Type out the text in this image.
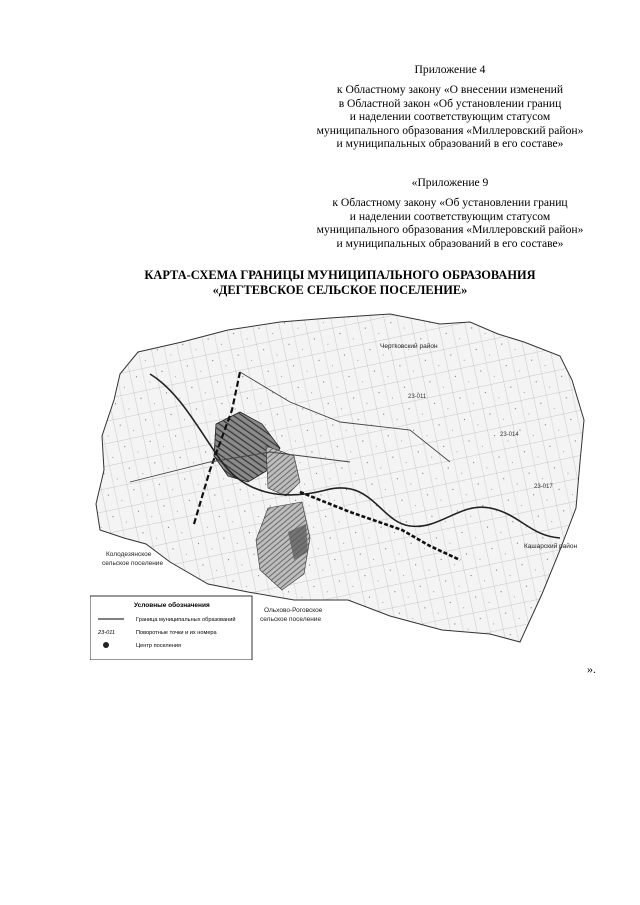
Приложение 4
к Областному закону «О внесении изменений
в Областной закон «Об установлении границ
и наделении соответствующим статусом
муниципального образования «Миллеровский район»
и муниципальных образований в его составе»
«Приложение 9
к Областному закону «Об установлении границ
и наделении соответствующим статусом
муниципального образования «Миллеровский район»
и муниципальных образований в его составе»
КАРТА-СХЕМА ГРАНИЦЫ МУНИЦИПАЛЬНОГО ОБРАЗОВАНИЯ
«ДЕГТЕВСКОЕ СЕЛЬСКОЕ ПОСЕЛЕНИЕ»
23-011
23-014
23-017
Чертковский район
Кашарский район
Колодезянское
сельское поселение
Ольхово-Роговское
сельское поселение
Условные обозначения
Граница муниципальных образований
23-011	Поворотные точки и их номера
Центр поселения
».
